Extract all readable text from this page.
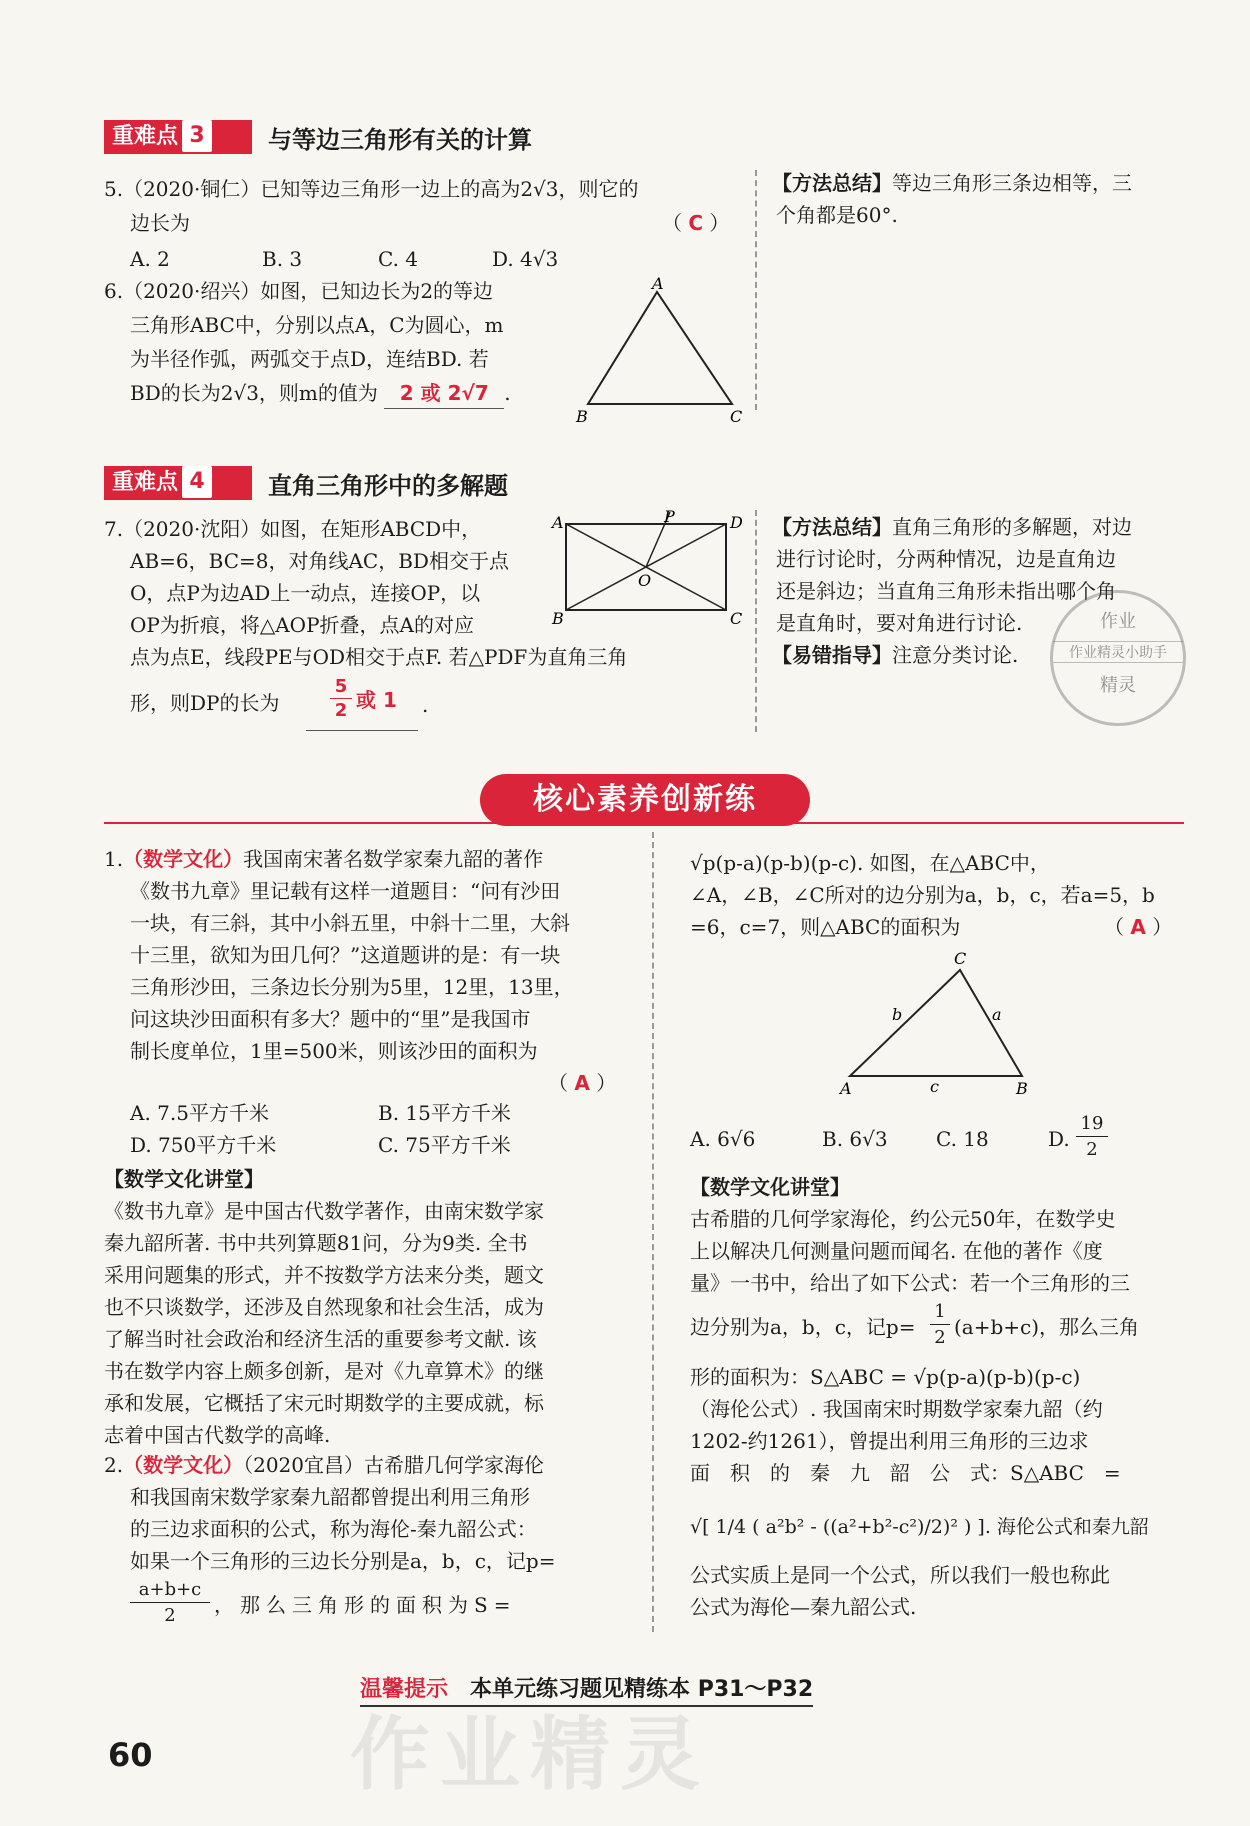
重难点 3	与等边三角形有关的计算
5.（2020·铜仁）已知等边三角形一边上的高为2√3，则它的
边长为	（ C ）
A. 2	B. 3	C. 4	D. 4√3
【方法总结】等边三角形三条边相等，三
个角都是60°.
6.（2020·绍兴）如图，已知边长为2的等边
三角形ABC中，分别以点A，C为圆心，m
为半径作弧，两弧交于点D，连结BD. 若
BD的长为2√3，则m的值为 2 或 2√7 .
A
B	C
重难点 4	直角三角形中的多解题
7.（2020·沈阳）如图，在矩形ABCD中，
AB=6，BC=8，对角线AC，BD相交于点
O，点P为边AD上一动点，连接OP，以
OP为折痕，将△AOP折叠，点A的对应
点为点E，线段PE与OD相交于点F. 若△PDF为直角三角
形，则DP的长为
5
2 或 1 .
A	P	D
O
B	C
【方法总结】直角三角形的多解题，对边
进行讨论时，分两种情况，边是直角边
还是斜边；当直角三角形未指出哪个角
是直角时，要对角进行讨论.
【易错指导】注意分类讨论.
作业
作业精灵小助手
精灵
核心素养创新练
1.（数学文化）我国南宋著名数学家秦九韶的著作
《数书九章》里记载有这样一道题目：“问有沙田
一块，有三斜，其中小斜五里，中斜十二里，大斜
十三里，欲知为田几何？”这道题讲的是：有一块
三角形沙田，三条边长分别为5里，12里，13里，
问这块沙田面积有多大？题中的“里”是我国市
制长度单位，1里=500米，则该沙田的面积为
（ A ）
A. 7.5平方千米	B. 15平方千米
D. 750平方千米	C. 75平方千米
【数学文化讲堂】
《数书九章》是中国古代数学著作，由南宋数学家
秦九韶所著. 书中共列算题81问，分为9类. 全书
采用问题集的形式，并不按数学方法来分类，题文
也不只谈数学，还涉及自然现象和社会生活，成为
了解当时社会政治和经济生活的重要参考文献. 该
书在数学内容上颇多创新，是对《九章算术》的继
承和发展，它概括了宋元时期数学的主要成就，标
志着中国古代数学的高峰.
2.（数学文化）（2020宜昌）古希腊几何学家海伦
和我国南宋数学家秦九韶都曾提出利用三角形
的三边求面积的公式，称为海伦-秦九韶公式：
如果一个三角形的三边长分别是a，b，c，记p=
$\frac{a+b+c}{2}$ ，那么三角形的面积为S=
√p(p-a)(p-b)(p-c). 如图，在△ABC中，
∠A，∠B，∠C所对的边分别为a，b，c，若a=5，b
=6，c=7，则△ABC的面积为	（ A ）
C
b	a
A	c	B
A. 6√6	B. 6√3 C. 18	D. $\frac{19}{2}$
【数学文化讲堂】
古希腊的几何学家海伦，约公元50年，在数学史
上以解决几何测量问题而闻名. 在他的著作《度
量》一书中，给出了如下公式：若一个三角形的三
边分别为a，b，c，记$p= \frac{1}{2} (a+b+c)$，那么三角
形的面积为：S△ABC = √p(p-a)(p-b)(p-c)
（海伦公式）. 我国南宋时期数学家秦九韶（约
1202-约1261），曾提出利用三角形的三边求
面　积　的　秦　九　韶　公　式：S△ABC　=
√[ 1/4 ( a²b² - ((a²+b²-c²)/2)² ) ]. 海伦公式和秦九韶
公式实质上是同一个公式，所以我们一般也称此
公式为海伦—秦九韶公式.
作业精灵
温馨提示　 本单元练习题见精练本 P31～P32
60
